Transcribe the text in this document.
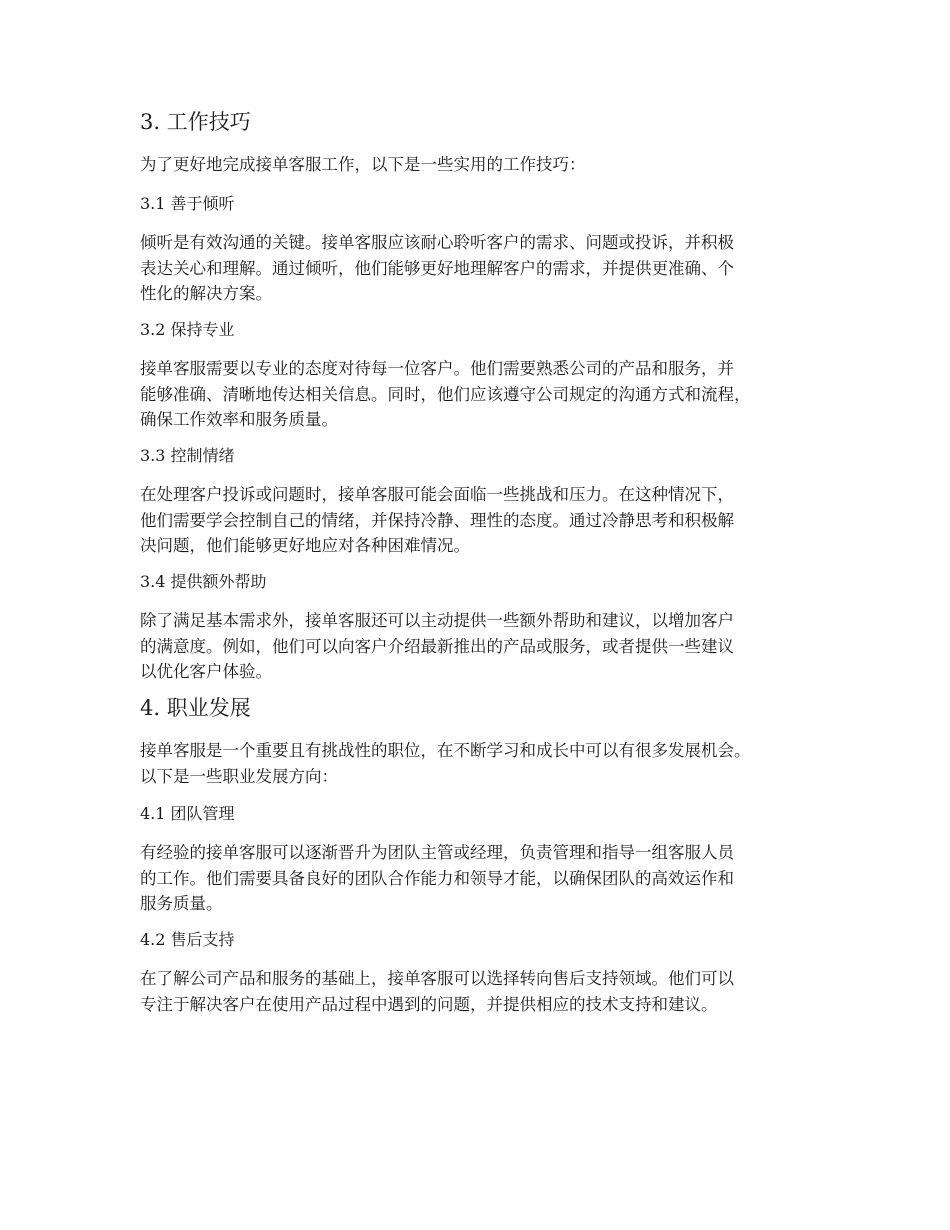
3. 工作技巧

为了更好地完成接单客服工作，以下是一些实用的工作技巧：

3.1 善于倾听

倾听是有效沟通的关键。接单客服应该耐心聆听客户的需求、问题或投诉，并积极
表达关心和理解。通过倾听，他们能够更好地理解客户的需求，并提供更准确、个
性化的解决方案。

3.2 保持专业

接单客服需要以专业的态度对待每一位客户。他们需要熟悉公司的产品和服务，并
能够准确、清晰地传达相关信息。同时，他们应该遵守公司规定的沟通方式和流程，
确保工作效率和服务质量。

3.3 控制情绪

在处理客户投诉或问题时，接单客服可能会面临一些挑战和压力。在这种情况下，
他们需要学会控制自己的情绪，并保持冷静、理性的态度。通过冷静思考和积极解
决问题，他们能够更好地应对各种困难情况。

3.4 提供额外帮助

除了满足基本需求外，接单客服还可以主动提供一些额外帮助和建议，以增加客户
的满意度。例如，他们可以向客户介绍最新推出的产品或服务，或者提供一些建议
以优化客户体验。

4. 职业发展

接单客服是一个重要且有挑战性的职位，在不断学习和成长中可以有很多发展机会。
以下是一些职业发展方向：

4.1 团队管理

有经验的接单客服可以逐渐晋升为团队主管或经理，负责管理和指导一组客服人员
的工作。他们需要具备良好的团队合作能力和领导才能，以确保团队的高效运作和
服务质量。

4.2 售后支持

在了解公司产品和服务的基础上，接单客服可以选择转向售后支持领域。他们可以
专注于解决客户在使用产品过程中遇到的问题，并提供相应的技术支持和建议。
